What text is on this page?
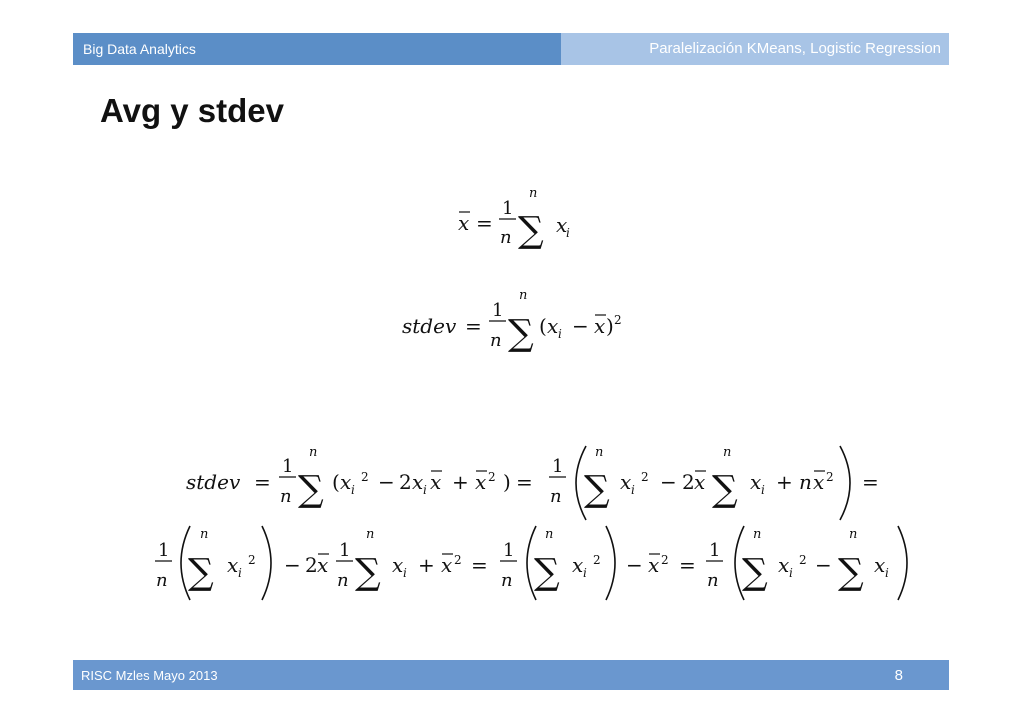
Big Data Analytics	Paralelización KMeans, Logistic Regression
Avg y stdev
x =
1
n ∑
n
x
i
stdev =
1
n ∑
n
( x i − x ) 2
stdev =
1
n ∑
n
( x i
2 − 2 x i x + x 2 ) =
1
n ∑
n
x i
2 − 2 x ∑
n
x i + n x 2 =
1
n ∑
n
x i
2 − 2 x
1
n ∑
n
x i + x 2 =
1
n ∑
n
x i
2 − x 2 =
1
n ∑
n
x i
2 − ∑
n
x i
RISC Mzles Mayo 2013	8
